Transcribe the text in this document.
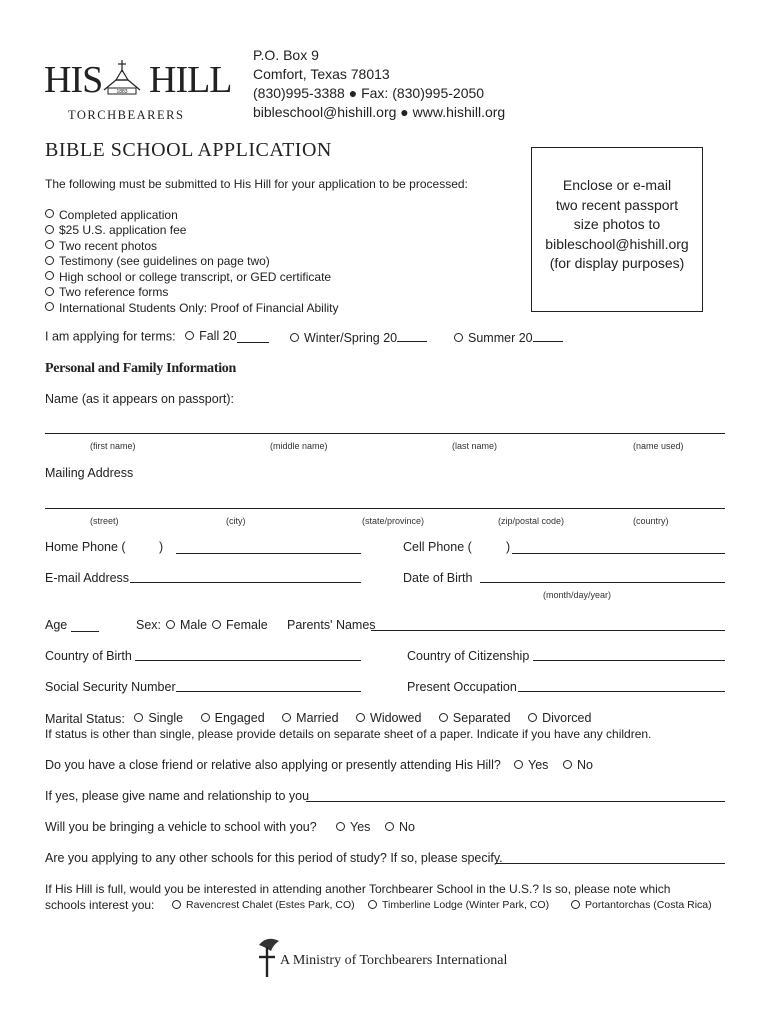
HIS	1883 HILL
TORCHBEARERS
P.O. Box 9
Comfort, Texas 78013
(830)995-3388 ● Fax: (830)995-2050
bibleschool@hishill.org ● www.hishill.org
BIBLE SCHOOL APPLICATION
The following must be submitted to His Hill for your application to be processed:
Completed application
$25 U.S. application fee
Two recent photos
Testimony (see guidelines on page two)
High school or college transcript, or GED certificate
Two reference forms
International Students Only: Proof of Financial Ability
Enclose or e-mail
two recent passport
size photos to
bibleschool@hishill.org
(for display purposes)
I am applying for terms: Fall 20	Winter/Spring 20	Summer 20
Personal and Family Information
Name (as it appears on passport):
(first name)	(middle name)	(last name)	(name used)
Mailing Address
(street)	(city)	(state/province)	(zip/postal code)	(country)
Home Phone (	)	Cell Phone (	)
E-mail Address	Date of Birth
(month/day/year)
Age	Sex:	Male	Female Parents' Names
Country of Birth	Country of Citizenship
Social Security Number	Present Occupation
Marital Status: Single
	Engaged
	Married
	Widowed
	Separated
	Divorced
If status is other than single, please provide details on separate sheet of a paper. Indicate if you have any children.
Do you have a close friend or relative also applying or presently attending His Hill?	Yes	No
If yes, please give name and relationship to you
Will you be bringing a vehicle to school with you?	Yes	No
Are you applying to any other schools for this period of study? If so, please specify.
If His Hill is full, would you be interested in attending another Torchbearer School in the U.S.? Is so, please note which
schools interest you:	Ravencrest Chalet (Estes Park, CO)	Timberline Lodge (Winter Park, CO)	Portantorchas (Costa Rica)
A Ministry of Torchbearers International
